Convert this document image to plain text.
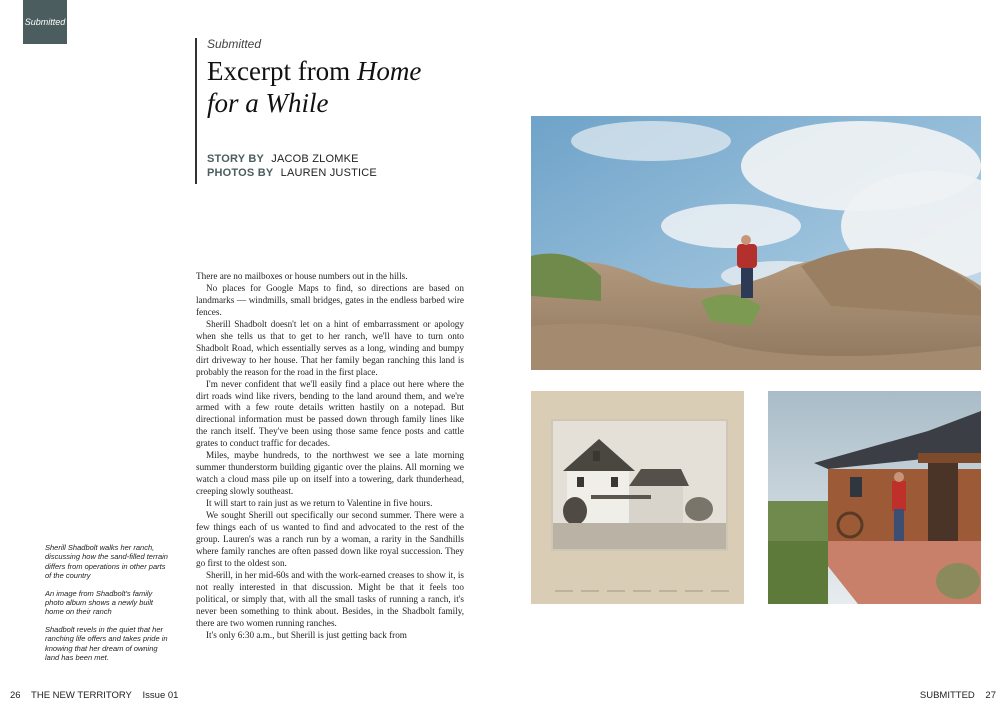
Submitted
Submitted
Excerpt from Home
for a While
STORY BY JACOB ZLOMKE
PHOTOS BY LAUREN JUSTICE

There are no mailboxes or house numbers out in the hills.

No places for Google Maps to find, so directions are based on landmarks — windmills, small bridges, gates in the endless barbed wire fences.

Sherill Shadbolt doesn't let on a hint of embarrassment or apology when she tells us that to get to her ranch, we'll have to turn onto Shadbolt Road, which essentially serves as a long, winding and bumpy dirt driveway to her house. That her family began ranching this land is probably the reason for the road in the first place.

I'm never confident that we'll easily find a place out here where the dirt roads wind like rivers, bending to the land around them, and we're armed with a few route details written hastily on a notepad. But directional information must be passed down through family lines like the ranch itself. They've been using those same fence posts and cattle grates to conduct traffic for decades.

Miles, maybe hundreds, to the northwest we see a late morning summer thunderstorm building gigantic over the plains. All morning we watch a cloud mass pile up on itself into a towering, dark thunderhead, creeping slowly southeast.

It will start to rain just as we return to Valentine in five hours.

We sought Sherill out specifically our second summer. There were a few things each of us wanted to find and advocated to the rest of the group. Lauren's was a ranch run by a woman, a rarity in the Sandhills where family ranches are often passed down like royal succession. They go first to the oldest son.

Sherill, in her mid-60s and with the work-earned creases to show it, is not really interested in that discussion. Might be that it feels too political, or simply that, with all the small tasks of running a ranch, it's never been something to think about. Besides, in the Shadbolt family, there are two women running ranches.

It's only 6:30 a.m., but Sherill is just getting back from

Sherill Shadbolt walks her ranch, discussing how the sand-filled terrain differs from operations in other parts of the country

An image from Shadbolt's family photo album shows a newly built home on their ranch

Shadbolt revels in the quiet that her ranching life offers and takes pride in knowing that her dream of owning land has been met.

26 THE NEW TERRITORY Issue 01	SUBMITTED 27
